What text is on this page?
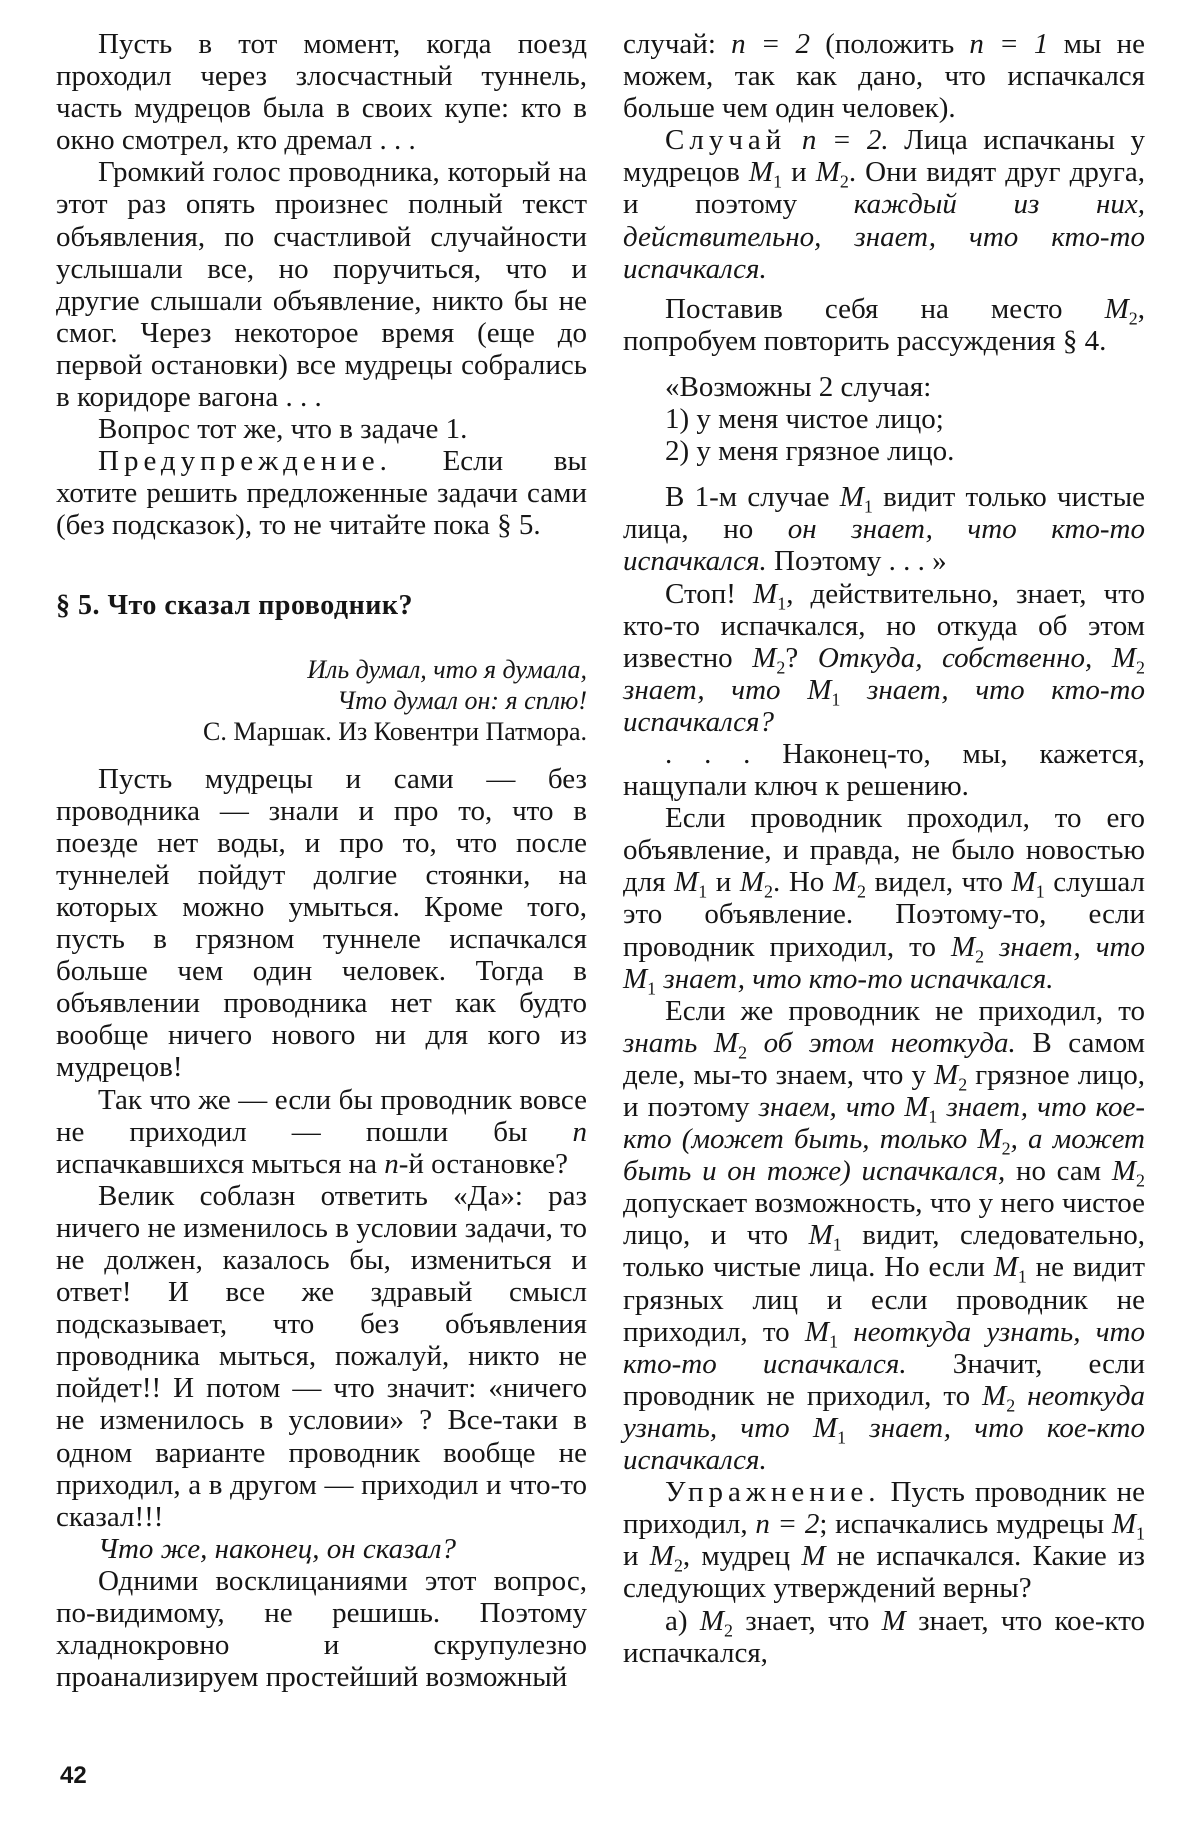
Пусть в тот момент, когда поезд проходил через злосчастный туннель, часть мудрецов была в своих купе: кто в окно смотрел, кто дремал . . .

Громкий голос проводника, который на этот раз опять произнес полный текст объявления, по счастливой случайности услышали все, но поручиться, что и другие слышали объявление, никто бы не смог. Через некоторое время (еще до первой остановки) все мудрецы собрались в коридоре вагона . . .

Вопрос тот же, что в задаче 1.

Предупреждение. Если вы хотите решить предложенные задачи сами (без подсказок), то не читайте пока § 5.

§ 5. Что сказал проводник?

Иль думал, что я думала,

Что думал он: я сплю!

С. Маршак. Из Ковентри Патмора.

Пусть мудрецы и сами — без проводника — знали и про то, что в поезде нет воды, и про то, что после туннелей пойдут долгие стоянки, на которых можно умыться. Кроме того, пусть в грязном туннеле испачкался больше чем один человек. Тогда в объявлении проводника нет как будто вообще ничего нового ни для кого из мудрецов!

Так что же — если бы проводник вовсе не приходил — пошли бы n испачкавшихся мыться на n-й остановке?

Велик соблазн ответить «Да»: раз ничего не изменилось в условии задачи, то не должен, казалось бы, измениться и ответ! И все же здравый смысл подсказывает, что без объявления проводника мыться, пожалуй, никто не пойдет!! И потом — что значит: «ничего не изменилось в условии» ? Все-таки в одном варианте проводник вообще не приходил, а в другом — приходил и что-то сказал!!!

Что же, наконец, он сказал?

Одними восклицаниями этот вопрос, по-видимому, не решишь. Поэтому хладнокровно и скрупулезно проанализируем простейший возможный

случай: n = 2 (положить n = 1 мы не можем, так как дано, что испачкался больше чем один человек).

Случай n = 2. Лица испачканы у мудрецов $M_1$ и $M_2$. Они видят друг друга, и поэтому каждый из них, действительно, знает, что кто-то испачкался.

Поставив себя на место $M_2$, попробуем повторить рассуждения § 4.

«Возможны 2 случая:

1) у меня чистое лицо;

2) у меня грязное лицо.

В 1-м случае $M_1$ видит только чистые лица, но он знает, что кто-то испачкался. Поэтому . . . »

Стоп! $M_1$, действительно, знает, что кто-то испачкался, но откуда об этом известно $M_2$? Откуда, собственно, $M_2$ знает, что $M_1$ знает, что кто-то испачкался?

. . . Наконец-то, мы, кажется, нащупали ключ к решению.

Если проводник проходил, то его объявление, и правда, не было новостью для $M_1$ и $M_2$. Но $M_2$ видел, что $M_1$ слушал это объявление. Поэтому-то, если проводник приходил, то $M_2$ знает, что $M_1$ знает, что кто-то испачкался.

Если же проводник не приходил, то знать $M_2$ об этом неоткуда. В самом деле, мы-то знаем, что у $M_2$ грязное лицо, и поэтому знаем, что $M_1$ знает, что кое-кто (может быть, только $M_2$, а может быть и он тоже) испачкался, но сам $M_2$ допускает возможность, что у него чистое лицо, и что $M_1$ видит, следовательно, только чистые лица. Но если $M_1$ не видит грязных лиц и если проводник не приходил, то $M_1$ неоткуда узнать, что кто-то испачкался. Значит, если проводник не приходил, то $M_2$ неоткуда узнать, что $M_1$ знает, что кое-кто испачкался.

Упражнение. Пусть проводник не приходил, n = 2; испачкались мудрецы $M_1$ и $M_2$, мудрец M не испачкался. Какие из следующих утверждений верны?

а) $M_2$ знает, что M знает, что кое-кто испачкался,

42
